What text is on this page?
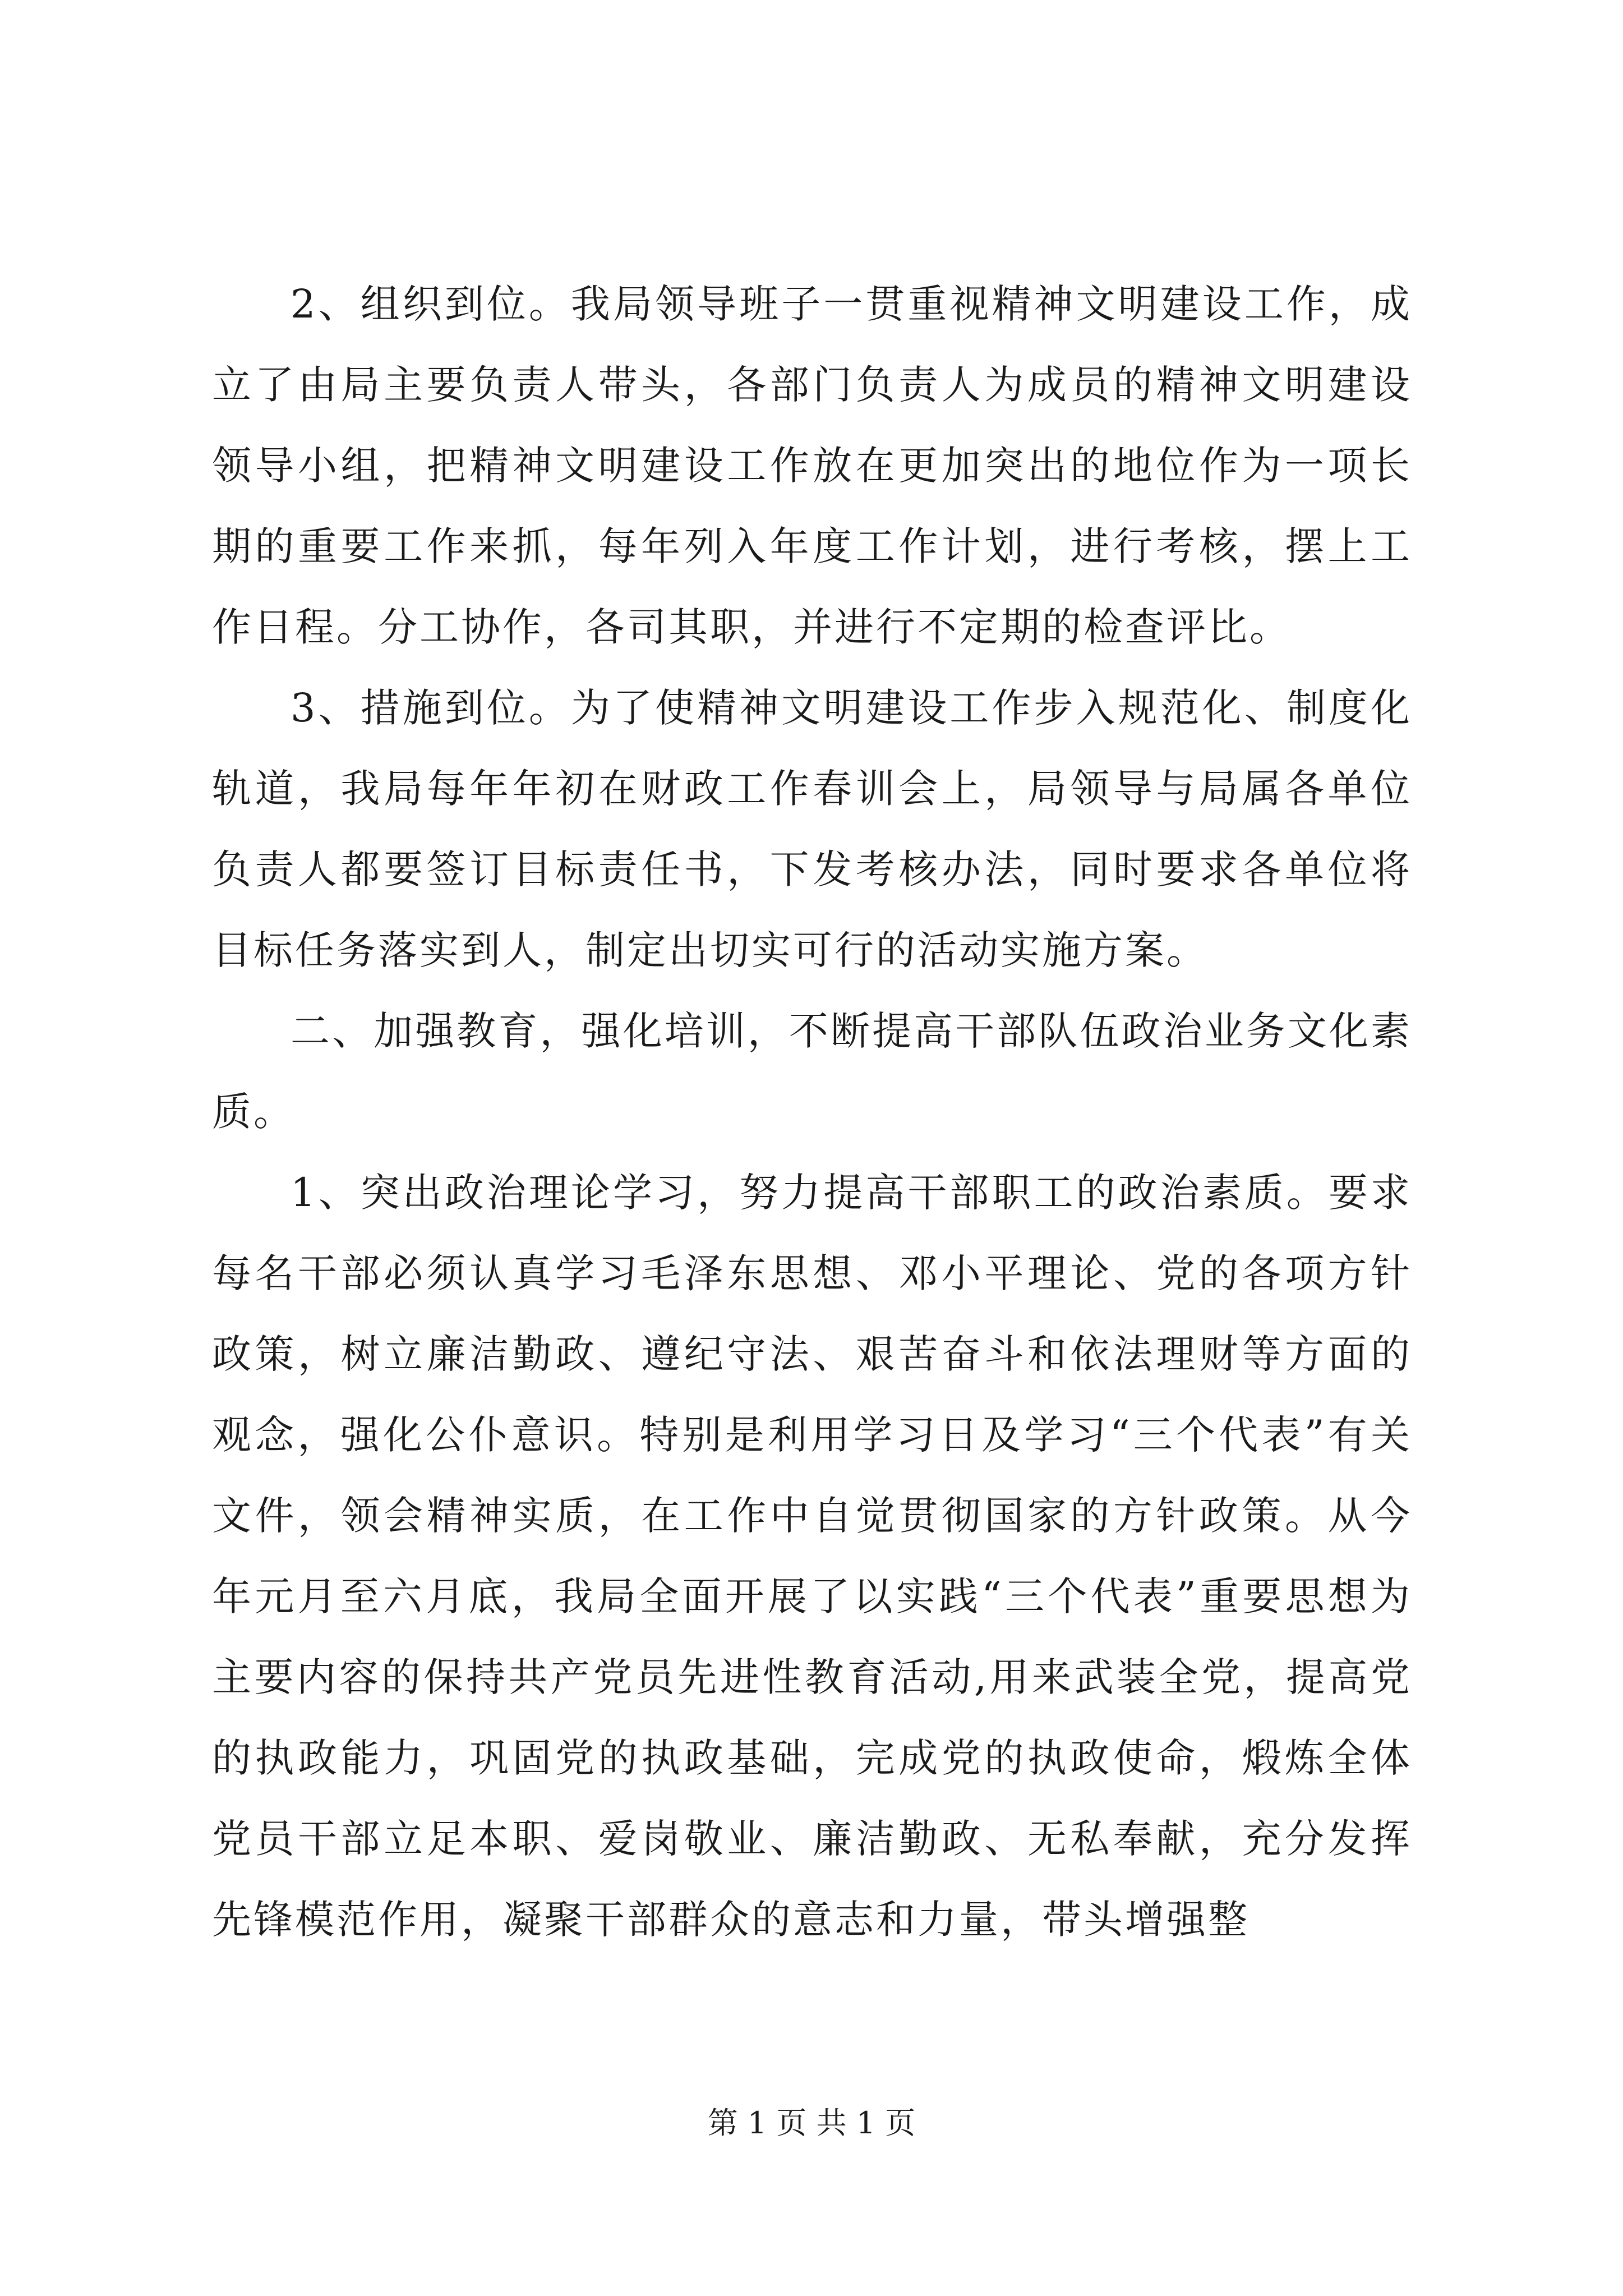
2、组织到位。我局领导班子一贯重视精神文明建设工作，成立了由局主要负责人带头，各部门负责人为成员的精神文明建设领导小组，把精神文明建设工作放在更加突出的地位作为一项长期的重要工作来抓，每年列入年度工作计划，进行考核，摆上工作日程。分工协作，各司其职，并进行不定期的检查评比。

3、措施到位。为了使精神文明建设工作步入规范化、制度化轨道，我局每年年初在财政工作春训会上，局领导与局属各单位负责人都要签订目标责任书，下发考核办法，同时要求各单位将目标任务落实到人，制定出切实可行的活动实施方案。

二、加强教育，强化培训，不断提高干部队伍政治业务文化素质。

1、突出政治理论学习，努力提高干部职工的政治素质。要求每名干部必须认真学习毛泽东思想、邓小平理论、党的各项方针政策，树立廉洁勤政、遵纪守法、艰苦奋斗和依法理财等方面的观念，强化公仆意识。特别是利用学习日及学习“三个代表”有关文件，领会精神实质，在工作中自觉贯彻国家的方针政策。从今年元月至六月底，我局全面开展了以实践“三个代表”重要思想为主要内容的保持共产党员先进性教育活动,用来武装全党，提高党的执政能力，巩固党的执政基础，完成党的执政使命，煅炼全体党员干部立足本职、爱岗敬业、廉洁勤政、无私奉献，充分发挥先锋模范作用，凝聚干部群众的意志和力量，带头增强整

第 1 页 共 1 页
